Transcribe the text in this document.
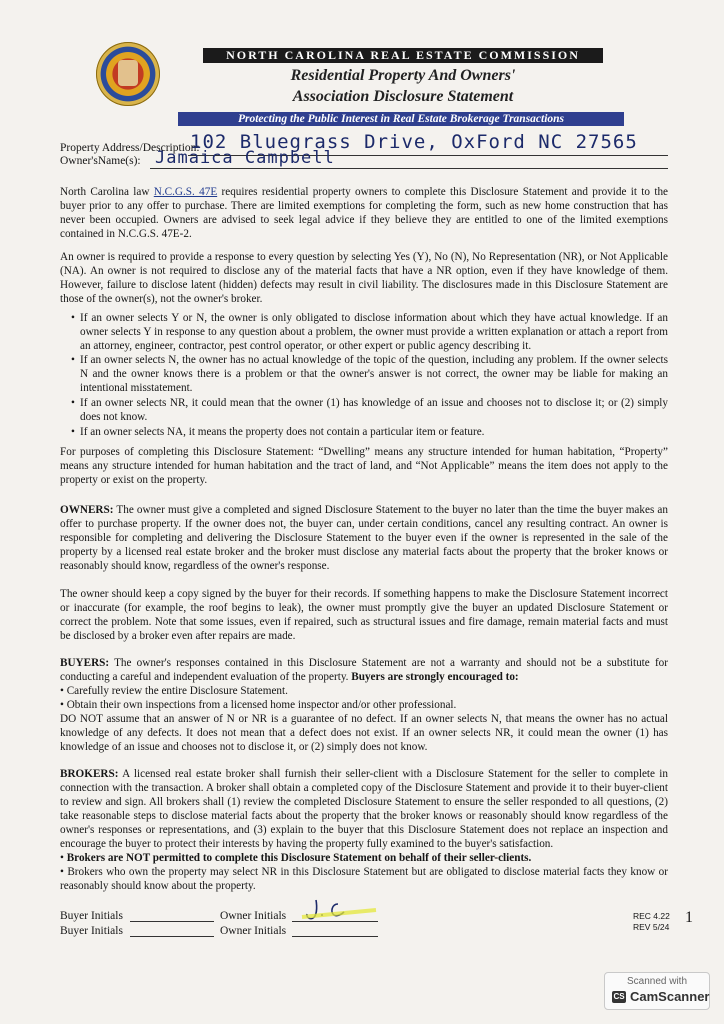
NORTH CAROLINA REAL ESTATE COMMISSION
Residential Property And Owners'
Association Disclosure Statement
Protecting the Public Interest in Real Estate Brokerage Transactions
Property Address/Description:
102 Bluegrass Drive, OxFord NC 27565
Owner'sName(s): Jamaica Campbell

North Carolina law N.C.G.S. 47E requires residential property owners to complete this Disclosure Statement and provide it to the buyer prior to any offer to purchase. There are limited exemptions for completing the form, such as new home construction that has never been occupied. Owners are advised to seek legal advice if they believe they are entitled to one of the limited exemptions contained in N.C.G.S. 47E-2.

An owner is required to provide a response to every question by selecting Yes (Y), No (N), No Representation (NR), or Not Applicable (NA). An owner is not required to disclose any of the material facts that have a NR option, even if they have knowledge of them. However, failure to disclose latent (hidden) defects may result in civil liability. The disclosures made in this Disclosure Statement are those of the owner(s), not the owner's broker.

• If an owner selects Y or N, the owner is only obligated to disclose information about which they have actual knowledge. If an owner selects Y in response to any question about a problem, the owner must provide a written explanation or attach a report from an attorney, engineer, contractor, pest control operator, or other expert or public agency describing it.
• If an owner selects N, the owner has no actual knowledge of the topic of the question, including any problem. If the owner selects N and the owner knows there is a problem or that the owner's answer is not correct, the owner may be liable for making an intentional misstatement.
• If an owner selects NR, it could mean that the owner (1) has knowledge of an issue and chooses not to disclose it; or (2) simply does not know.
• If an owner selects NA, it means the property does not contain a particular item or feature.

For purposes of completing this Disclosure Statement: “Dwelling” means any structure intended for human habitation, “Property” means any structure intended for human habitation and the tract of land, and “Not Applicable” means the item does not apply to the property or exist on the property.

OWNERS: The owner must give a completed and signed Disclosure Statement to the buyer no later than the time the buyer makes an offer to purchase property. If the owner does not, the buyer can, under certain conditions, cancel any resulting contract. An owner is responsible for completing and delivering the Disclosure Statement to the buyer even if the owner is represented in the sale of the property by a licensed real estate broker and the broker must disclose any material facts about the property that the broker knows or reasonably should know, regardless of the owner's response.

The owner should keep a copy signed by the buyer for their records. If something happens to make the Disclosure Statement incorrect or inaccurate (for example, the roof begins to leak), the owner must promptly give the buyer an updated Disclosure Statement or correct the problem. Note that some issues, even if repaired, such as structural issues and fire damage, remain material facts and must be disclosed by a broker even after repairs are made.

BUYERS: The owner's responses contained in this Disclosure Statement are not a warranty and should not be a substitute for conducting a careful and independent evaluation of the property. Buyers are strongly encouraged to:

• Carefully review the entire Disclosure Statement.

• Obtain their own inspections from a licensed home inspector and/or other professional.

DO NOT assume that an answer of N or NR is a guarantee of no defect. If an owner selects N, that means the owner has no actual knowledge of any defects. It does not mean that a defect does not exist. If an owner selects NR, it could mean the owner (1) has knowledge of an issue and chooses not to disclose it, or (2) simply does not know.

BROKERS: A licensed real estate broker shall furnish their seller-client with a Disclosure Statement for the seller to complete in connection with the transaction. A broker shall obtain a completed copy of the Disclosure Statement and provide it to their buyer-client to review and sign. All brokers shall (1) review the completed Disclosure Statement to ensure the seller responded to all questions, (2) take reasonable steps to disclose material facts about the property that the broker knows or reasonably should know regardless of the owner's responses or representations, and (3) explain to the buyer that this Disclosure Statement does not replace an inspection and encourage the buyer to protect their interests by having the property fully examined to the buyer's satisfaction.

• Brokers are NOT permitted to complete this Disclosure Statement on behalf of their seller-clients.

• Brokers who own the property may select NR in this Disclosure Statement but are obligated to disclose material facts they know or reasonably should know about the property.

Buyer Initials
Buyer Initials
Owner Initials
Owner Initials
REC 4.22
REV 5/24
1
Scanned with
CS CamScanner
